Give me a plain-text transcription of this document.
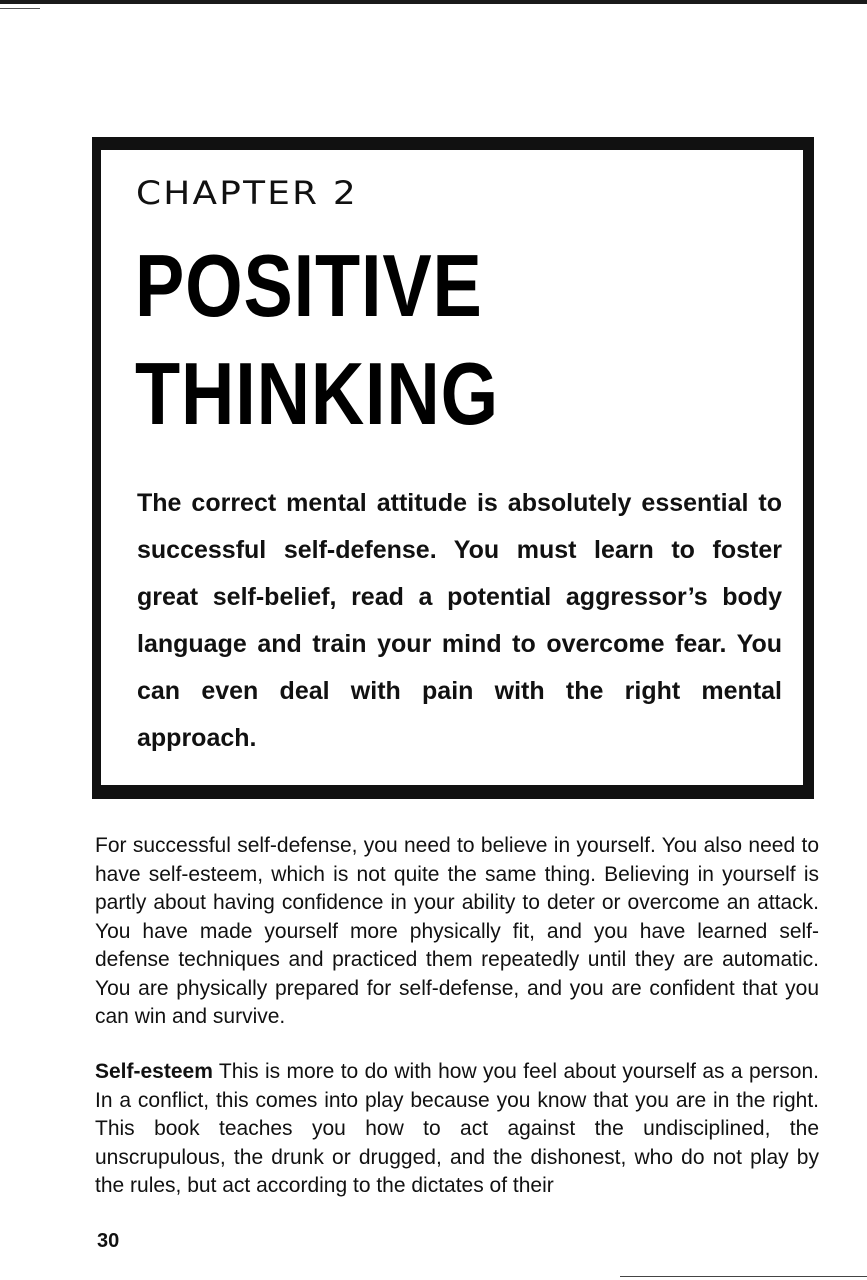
CHAPTER 2
POSITIVE
THINKING
The correct mental attitude is absolutely essential to successful self-defense. You must learn to foster great self-belief, read a potential aggressor’s body language and train your mind to overcome fear. You can even deal with pain with the right mental approach.

For successful self-defense, you need to believe in yourself. You also need to have self-esteem, which is not quite the same thing. Believing in yourself is partly about having confidence in your ability to deter or overcome an attack. You have made yourself more physically fit, and you have learned self-defense techniques and practiced them repeatedly until they are automatic. You are physically prepared for self-defense, and you are confident that you can win and survive.

Self-esteem This is more to do with how you feel about yourself as a person. In a conflict, this comes into play because you know that you are in the right. This book teaches you how to act against the undisciplined, the unscrupulous, the drunk or drugged, and the dishonest, who do not play by the rules, but act according to the dictates of their

30
